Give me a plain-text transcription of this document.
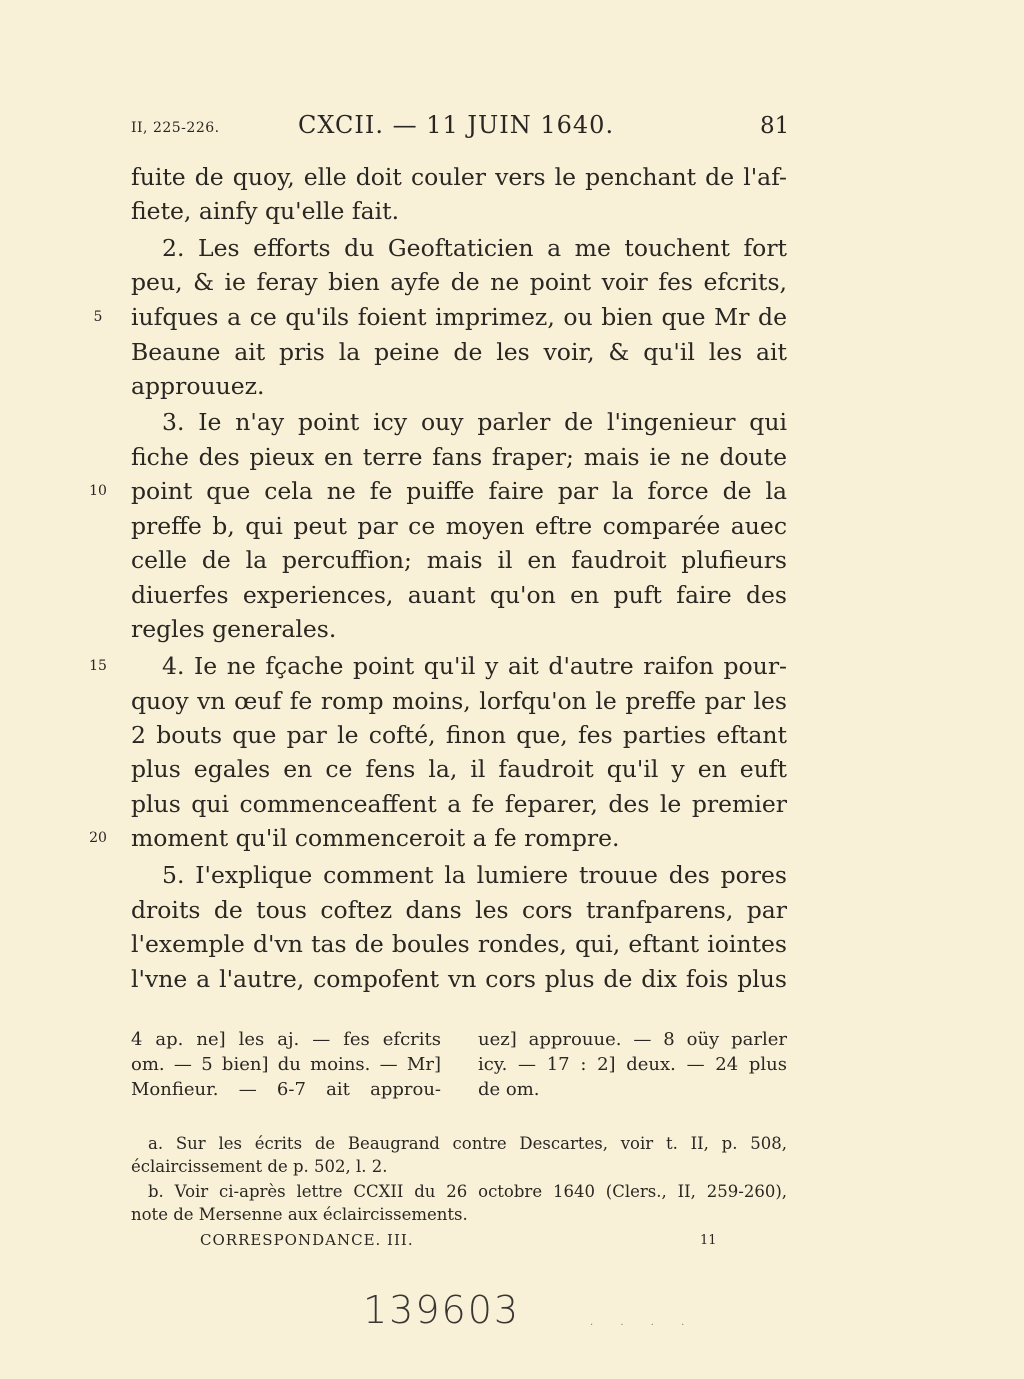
II, 225-226.	CXCII. — 11 JUIN 1640.	81
fuite de quoy, elle doit couler vers le penchant de l'af-
fiete, ainfy qu'elle fait.
2. Les efforts du Geoftaticien a me touchent fort
peu, & ie feray bien ayfe de ne point voir fes efcrits,
iufques a ce qu'ils foient imprimez, ou bien que Mr de
Beaune ait pris la peine de les voir, & qu'il les ait
approuuez.
3. Ie n'ay point icy ouy parler de l'ingenieur qui
fiche des pieux en terre fans fraper; mais ie ne doute
point que cela ne fe puiffe faire par la force de la
preffe b, qui peut par ce moyen eftre comparée auec
celle de la percuffion; mais il en faudroit plufieurs
diuerfes experiences, auant qu'on en puft faire des
regles generales.
4. Ie ne fçache point qu'il y ait d'autre raifon pour-
quoy vn œuf fe romp moins, lorfqu'on le preffe par les
2 bouts que par le cofté, finon que, fes parties eftant
plus egales en ce fens la, il faudroit qu'il y en euft
plus qui commenceaffent a fe feparer, des le premier
moment qu'il commenceroit a fe rompre.
5. I'explique comment la lumiere trouue des pores
droits de tous coftez dans les cors tranfparens, par
l'exemple d'vn tas de boules rondes, qui, eftant iointes
l'vne a l'autre, compofent vn cors plus de dix fois plus
5
10
15
20
4 ap. ne] les aj. — fes efcrits
om. — 5 bien] du moins. — Mr]
Monfieur. — 6-7 ait approu-
uez] approuue. — 8 oüy parler
icy. — 17 : 2] deux. — 24 plus
de om.
a. Sur les écrits de Beaugrand contre Descartes, voir t. II, p. 508,
éclaircissement de p. 502, l. 2.
b. Voir ci-après lettre CCXII du 26 octobre 1640 (Clers., II, 259-260),
note de Mersenne aux éclaircissements.
CORRESPONDANCE. III.	11
139603	· · · ·
